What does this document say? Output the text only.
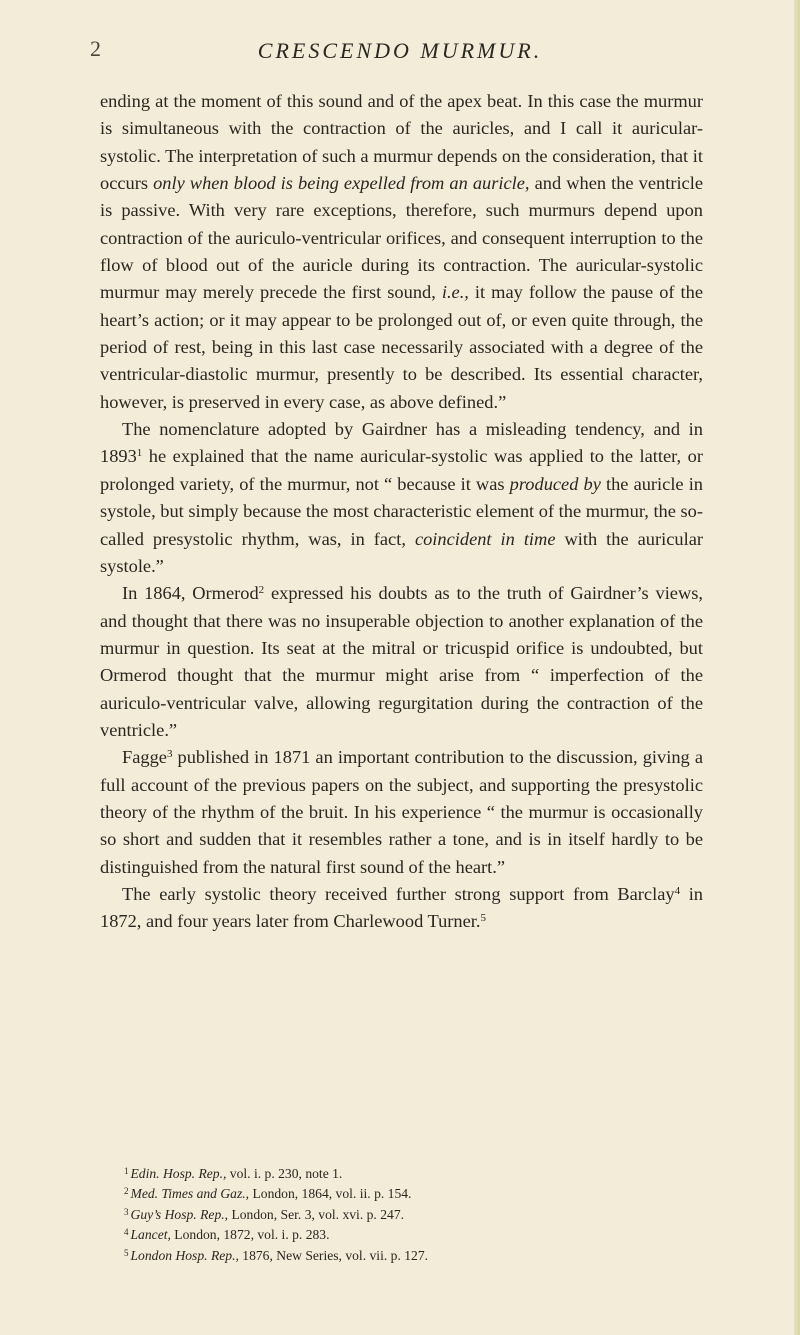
2	CRESCENDO MURMUR.

ending at the moment of this sound and of the apex beat. In this case the murmur is simultaneous with the contraction of the auricles, and I call it auricular-systolic. The interpretation of such a murmur depends on the consideration, that it occurs only when blood is being expelled from an auricle, and when the ventricle is passive. With very rare exceptions, therefore, such murmurs depend upon contraction of the auriculo-ventricular orifices, and consequent interruption to the flow of blood out of the auricle during its contraction. The auricular-systolic murmur may merely precede the first sound, i.e., it may follow the pause of the heart’s action; or it may appear to be prolonged out of, or even quite through, the period of rest, being in this last case necessarily associated with a degree of the ventricular-diastolic murmur, presently to be described. Its essential character, however, is preserved in every case, as above defined.”

The nomenclature adopted by Gairdner has a misleading tendency, and in 1893$^1$ he explained that the name auricular-systolic was applied to the latter, or prolonged variety, of the murmur, not “ because it was produced by the auricle in systole, but simply because the most characteristic element of the murmur, the so-called presystolic rhythm, was, in fact, coincident in time with the auricular systole.”

In 1864, Ormerod$^2$ expressed his doubts as to the truth of Gairdner’s views, and thought that there was no insuperable objection to another explanation of the murmur in question. Its seat at the mitral or tricuspid orifice is undoubted, but Ormerod thought that the murmur might arise from “ imperfection of the auriculo-ventricular valve, allowing regurgitation during the contraction of the ventricle.”

Fagge$^3$ published in 1871 an important contribution to the discussion, giving a full account of the previous papers on the subject, and supporting the presystolic theory of the rhythm of the bruit. In his experience “ the murmur is occasionally so short and sudden that it resembles rather a tone, and is in itself hardly to be distinguished from the natural first sound of the heart.”

The early systolic theory received further strong support from Barclay$^4$ in 1872, and four years later from Charlewood Turner.$^5$

$^1$ Edin. Hosp. Rep., vol. i. p. 230, note 1.
$^2$ Med. Times and Gaz., London, 1864, vol. ii. p. 154.
$^3$ Guy’s Hosp. Rep., London, Ser. 3, vol. xvi. p. 247.
$^4$ Lancet, London, 1872, vol. i. p. 283.
$^5$ London Hosp. Rep., 1876, New Series, vol. vii. p. 127.
